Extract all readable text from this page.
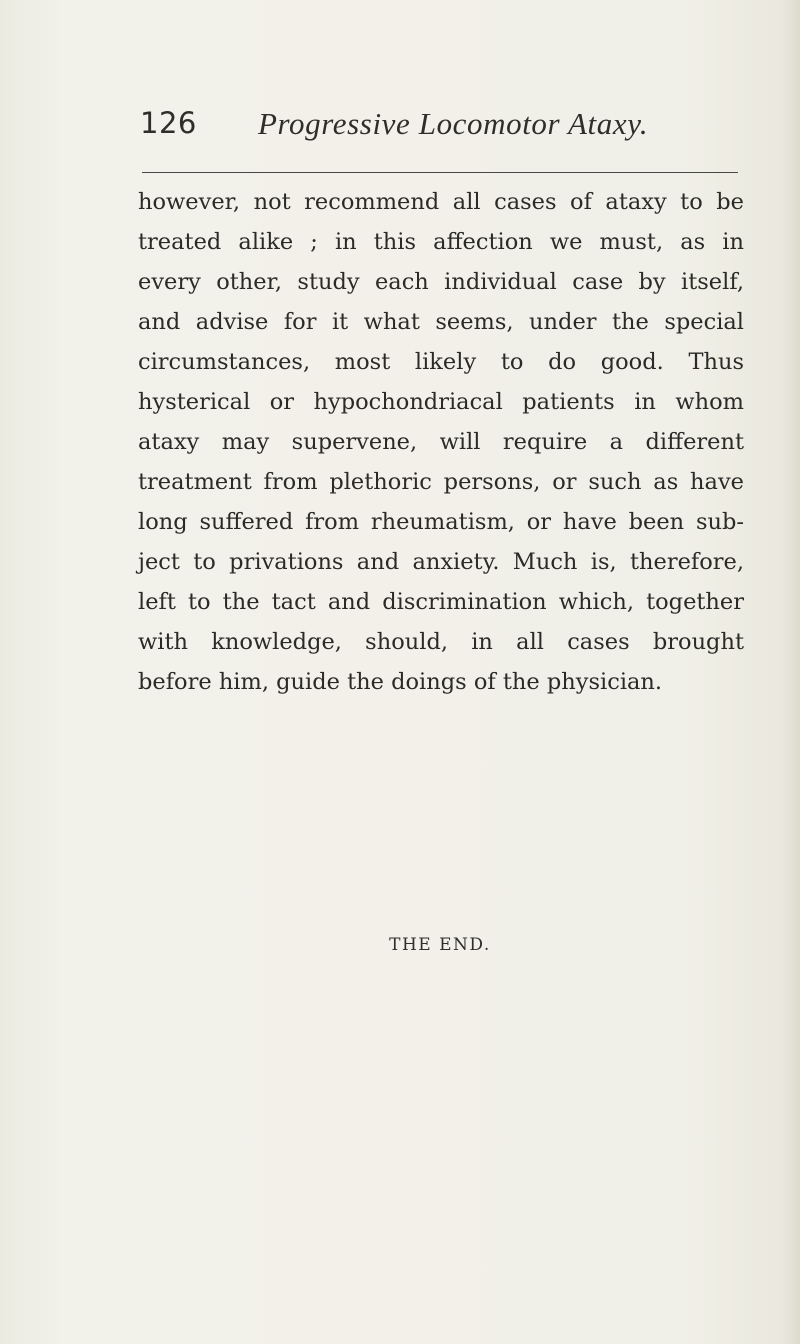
126 Progressive Locomotor Ataxy.
however, not recommend all cases of ataxy to be
treated alike ; in this affection we must, as in
every other, study each individual case by itself,
and advise for it what seems, under the special
circumstances, most likely to do good. Thus
hysterical or hypochondriacal patients in whom
ataxy may supervene, will require a different
treatment from plethoric persons, or such as have
long suffered from rheumatism, or have been sub-
ject to privations and anxiety. Much is, therefore,
left to the tact and discrimination which, together
with knowledge, should, in all cases brought
before him, guide the doings of the physician.
THE END.
